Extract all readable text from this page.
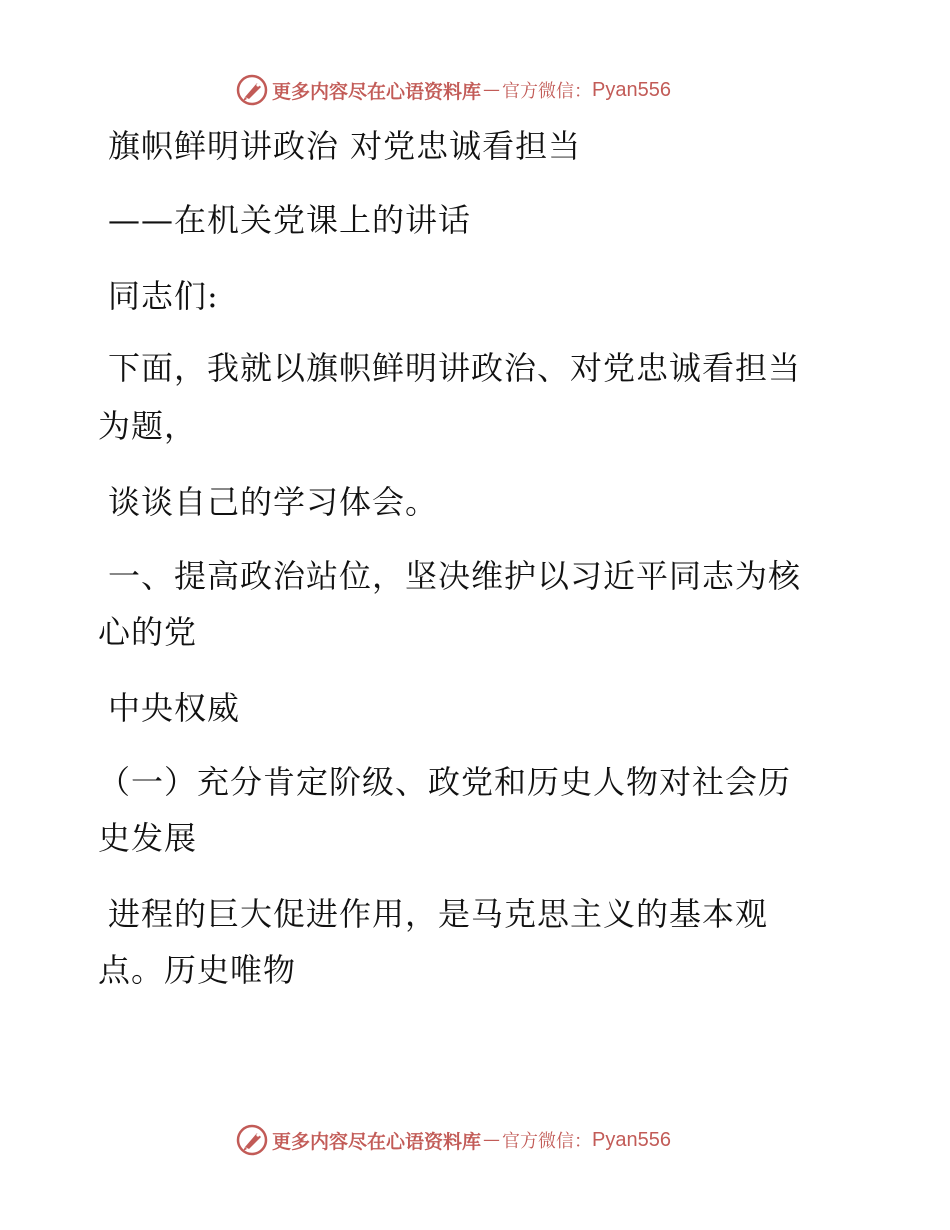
更多内容尽在心语资料库 — 官方微信： Pyan556
旗帜鲜明讲政治 对党忠诚看担当
——在机关党课上的讲话
同志们:
下面，我就以旗帜鲜明讲政治、对党忠诚看担当
为题，
谈谈自己的学习体会。
一、提高政治站位，坚决维护以习近平同志为核
心的党
中央权威
（一）充分肯定阶级、政党和历史人物对社会历
史发展
进程的巨大促进作用，是马克思主义的基本观
点。历史唯物
更多内容尽在心语资料库 — 官方微信： Pyan556
